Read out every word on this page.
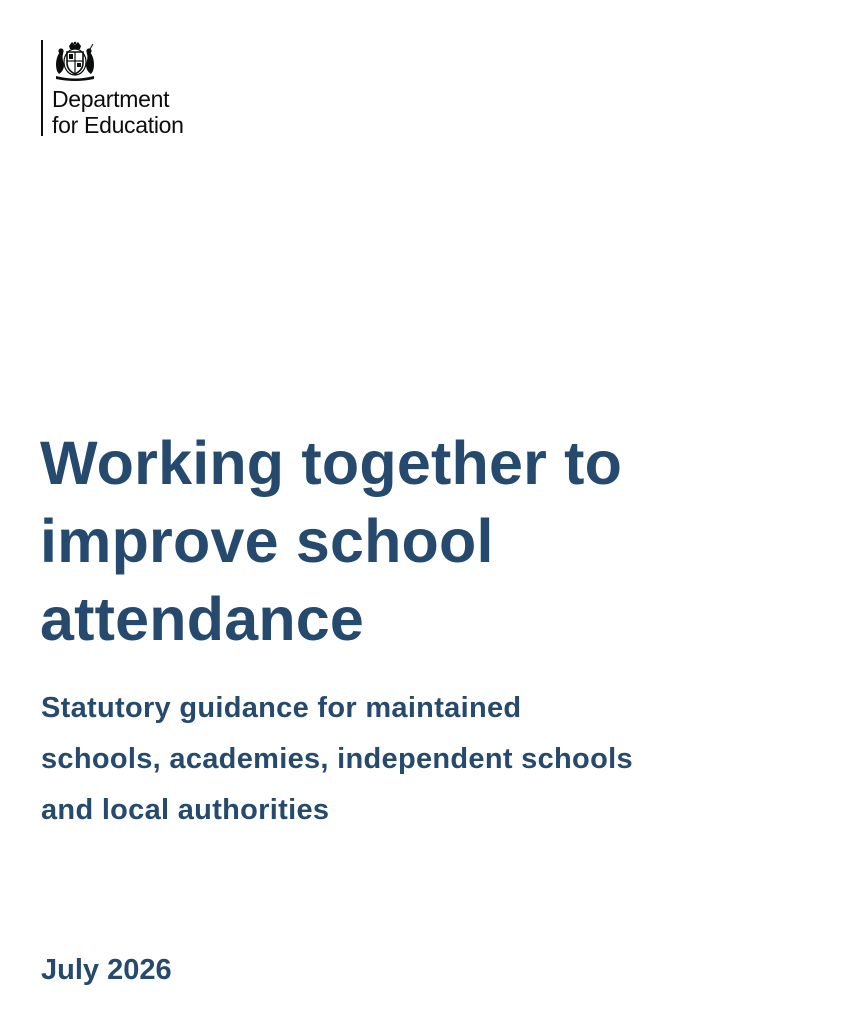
Department
for Education
Working together to
improve school
attendance
Statutory guidance for maintained
schools, academies, independent schools
and local authorities

July 2026
